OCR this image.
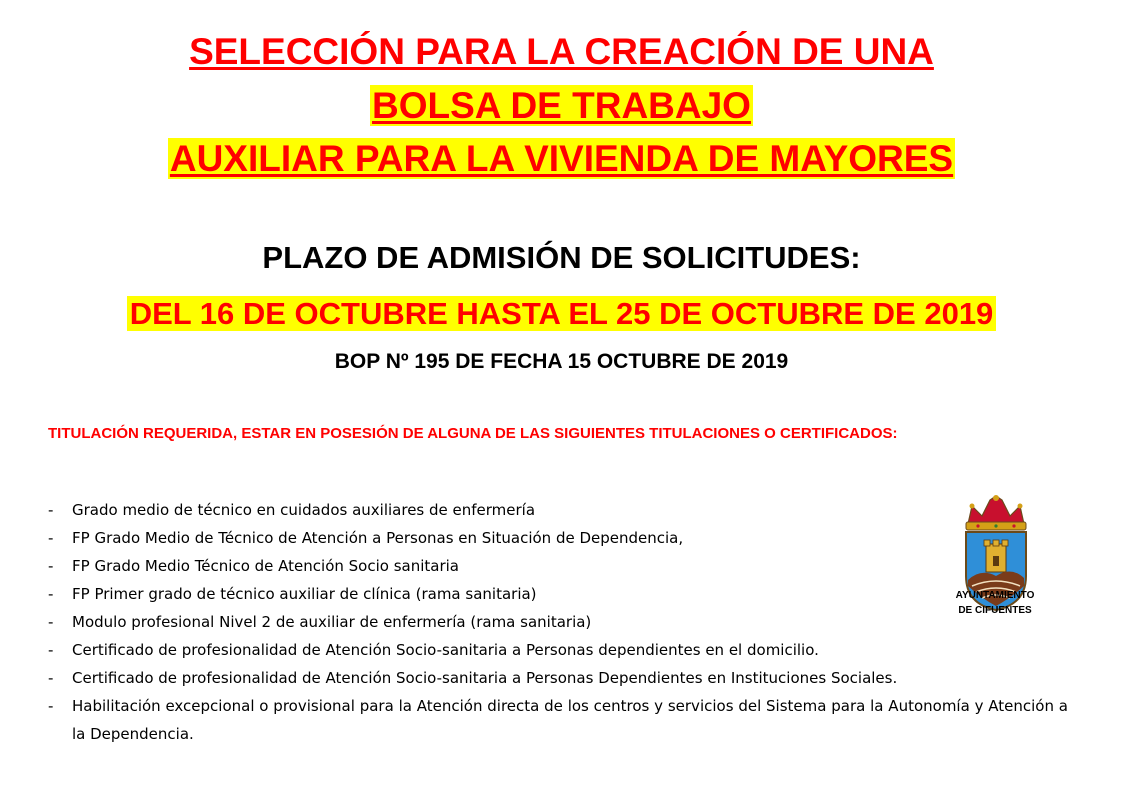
SELECCIÓN PARA LA CREACIÓN DE UNA
BOLSA DE TRABAJO
AUXILIAR PARA LA VIVIENDA DE MAYORES
PLAZO DE ADMISIÓN DE SOLICITUDES:
DEL 16 DE OCTUBRE HASTA EL 25 DE OCTUBRE DE 2019
BOP Nº 195 DE FECHA 15 OCTUBRE DE 2019
TITULACIÓN REQUERIDA, ESTAR EN POSESIÓN DE ALGUNA DE LAS SIGUIENTES TITULACIONES O CERTIFICADOS:
- Grado medio de técnico en cuidados auxiliares de enfermería
- FP Grado Medio de Técnico de Atención a Personas en Situación de Dependencia,
- FP Grado Medio Técnico de Atención Socio sanitaria
- FP Primer grado de técnico auxiliar de clínica (rama sanitaria)
- Modulo profesional Nivel 2 de auxiliar de enfermería (rama sanitaria)
- Certificado de profesionalidad de Atención Socio-sanitaria a Personas dependientes en el domicilio.
- Certificado de profesionalidad de Atención Socio-sanitaria a Personas Dependientes en Instituciones Sociales.
- Habilitación excepcional o provisional para la Atención directa de los centros y servicios del Sistema para la Autonomía y Atención a la Dependencia.
AYUNTAMIENTO
DE CIFUENTES
